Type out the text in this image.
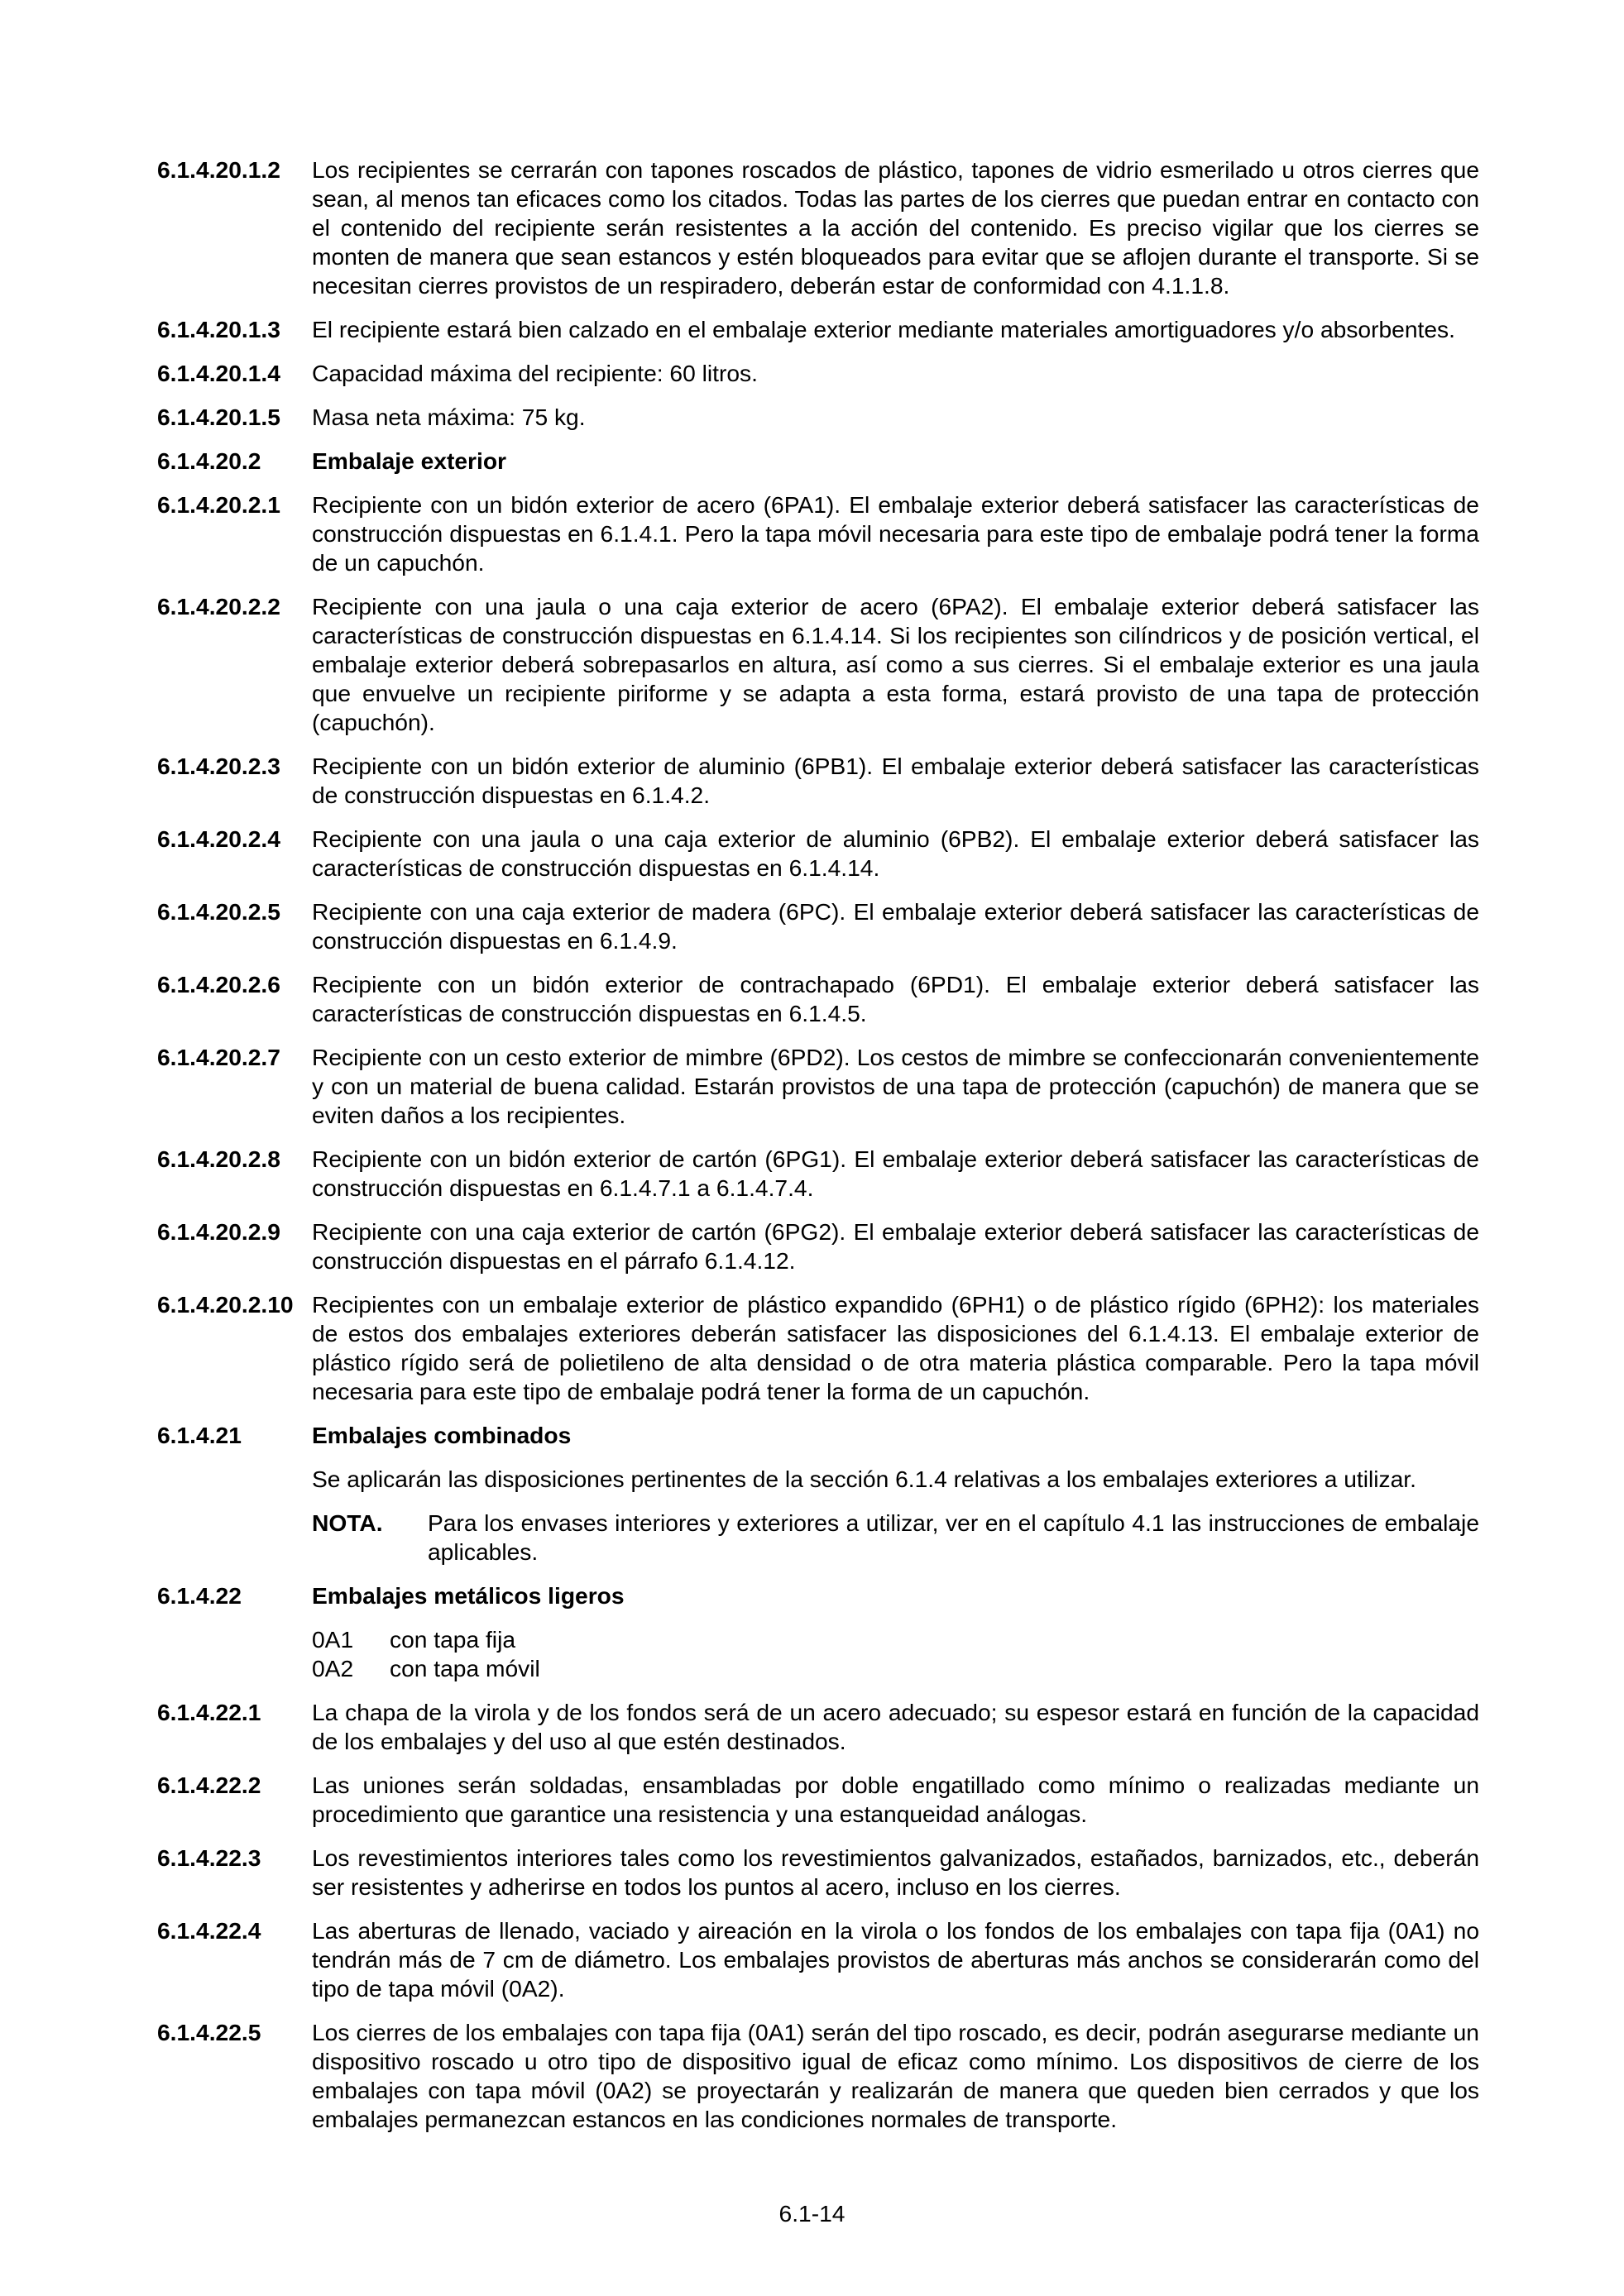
6.1.4.20.1.2	Los recipientes se cerrarán con tapones roscados de plástico, tapones de vidrio esmerilado u otros cierres que sean, al menos tan eficaces como los citados. Todas las partes de los cierres que puedan entrar en contacto con el contenido del recipiente serán resistentes a la acción del contenido. Es preciso vigilar que los cierres se monten de manera que sean estancos y estén bloqueados para evitar que se aflojen durante el transporte. Si se necesitan cierres provistos de un respiradero, deberán estar de conformidad con 4.1.1.8.
6.1.4.20.1.3	El recipiente estará bien calzado en el embalaje exterior mediante materiales amortiguadores y/o absorbentes.
6.1.4.20.1.4	Capacidad máxima del recipiente: 60 litros.
6.1.4.20.1.5	Masa neta máxima: 75 kg.
6.1.4.20.2	Embalaje exterior
6.1.4.20.2.1	Recipiente con un bidón exterior de acero (6PA1). El embalaje exterior deberá satisfacer las características de construcción dispuestas en 6.1.4.1. Pero la tapa móvil necesaria para este tipo de embalaje podrá tener la forma de un capuchón.
6.1.4.20.2.2	Recipiente con una jaula o una caja exterior de acero (6PA2). El embalaje exterior deberá satisfacer las características de construcción dispuestas en 6.1.4.14. Si los recipientes son cilíndricos y de posición vertical, el embalaje exterior deberá sobrepasarlos en altura, así como a sus cierres. Si el embalaje exterior es una jaula que envuelve un recipiente piriforme y se adapta a esta forma, estará provisto de una tapa de protección (capuchón).
6.1.4.20.2.3	Recipiente con un bidón exterior de aluminio (6PB1). El embalaje exterior deberá satisfacer las características de construcción dispuestas en 6.1.4.2.
6.1.4.20.2.4	Recipiente con una jaula o una caja exterior de aluminio (6PB2). El embalaje exterior deberá satisfacer las características de construcción dispuestas en 6.1.4.14.
6.1.4.20.2.5	Recipiente con una caja exterior de madera (6PC). El embalaje exterior deberá satisfacer las características de construcción dispuestas en 6.1.4.9.
6.1.4.20.2.6	Recipiente con un bidón exterior de contrachapado (6PD1). El embalaje exterior deberá satisfacer las características de construcción dispuestas en 6.1.4.5.
6.1.4.20.2.7	Recipiente con un cesto exterior de mimbre (6PD2). Los cestos de mimbre se confeccionarán convenientemente y con un material de buena calidad. Estarán provistos de una tapa de protección (capuchón) de manera que se eviten daños a los recipientes.
6.1.4.20.2.8	Recipiente con un bidón exterior de cartón (6PG1). El embalaje exterior deberá satisfacer las características de construcción dispuestas en 6.1.4.7.1 a 6.1.4.7.4.
6.1.4.20.2.9	Recipiente con una caja exterior de cartón (6PG2). El embalaje exterior deberá satisfacer las características de construcción dispuestas en el párrafo 6.1.4.12.
6.1.4.20.2.10 Recipientes con un embalaje exterior de plástico expandido (6PH1) o de plástico rígido (6PH2): los materiales de estos dos embalajes exteriores deberán satisfacer las disposiciones del 6.1.4.13. El embalaje exterior de plástico rígido será de polietileno de alta densidad o de otra materia plástica comparable. Pero la tapa móvil necesaria para este tipo de embalaje podrá tener la forma de un capuchón.
6.1.4.21	Embalajes combinados
Se aplicarán las disposiciones pertinentes de la sección 6.1.4 relativas a los embalajes exteriores a utilizar.
NOTA.	Para los envases interiores y exteriores a utilizar, ver en el capítulo 4.1 las instrucciones de embalaje aplicables.
6.1.4.22	Embalajes metálicos ligeros
0A1	con tapa fija
0A2	con tapa móvil
6.1.4.22.1	La chapa de la virola y de los fondos será de un acero adecuado; su espesor estará en función de la capacidad de los embalajes y del uso al que estén destinados.
6.1.4.22.2	Las uniones serán soldadas, ensambladas por doble engatillado como mínimo o realizadas mediante un procedimiento que garantice una resistencia y una estanqueidad análogas.
6.1.4.22.3	Los revestimientos interiores tales como los revestimientos galvanizados, estañados, barnizados, etc., deberán ser resistentes y adherirse en todos los puntos al acero, incluso en los cierres.
6.1.4.22.4	Las aberturas de llenado, vaciado y aireación en la virola o los fondos de los embalajes con tapa fija (0A1) no tendrán más de 7 cm de diámetro. Los embalajes provistos de aberturas más anchos se considerarán como del tipo de tapa móvil (0A2).
6.1.4.22.5	Los cierres de los embalajes con tapa fija (0A1) serán del tipo roscado, es decir, podrán asegurarse mediante un dispositivo roscado u otro tipo de dispositivo igual de eficaz como mínimo. Los dispositivos de cierre de los embalajes con tapa móvil (0A2) se proyectarán y realizarán de manera que queden bien cerrados y que los embalajes permanezcan estancos en las condiciones normales de transporte.
6.1-14
